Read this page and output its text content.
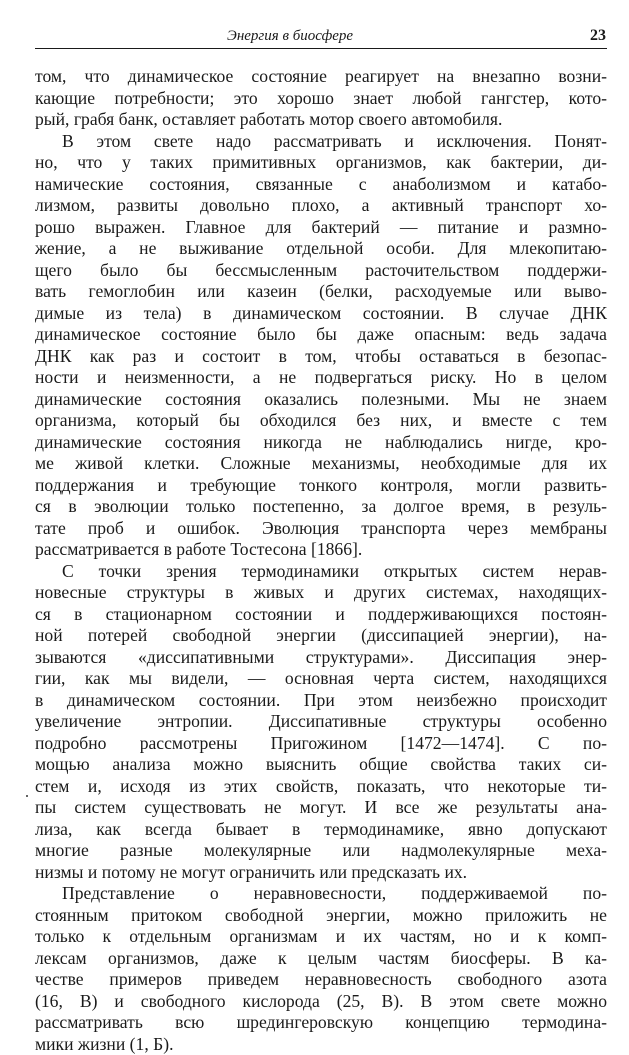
Энергия в биосфере	23

том, что динамическое состояние реагирует на внезапно возни-
кающие потребности; это хорошо знает любой гангстер, кото-
рый, грабя банк, оставляет работать мотор своего автомобиля.

В этом свете надо рассматривать и исключения. Понят-
но, что у таких примитивных организмов, как бактерии, ди-
намические состояния, связанные с анаболизмом и катабо-
лизмом, развиты довольно плохо, а активный транспорт хо-
рошо выражен. Главное для бактерий — питание и размно-
жение, а не выживание отдельной особи. Для млекопитаю-
щего было бы бессмысленным расточительством поддержи-
вать гемоглобин или казеин (белки, расходуемые или выво-
димые из тела) в динамическом состоянии. В случае ДНК
динамическое состояние было бы даже опасным: ведь задача
ДНК как раз и состоит в том, чтобы оставаться в безопас-
ности и неизменности, а не подвергаться риску. Но в целом
динамические состояния оказались полезными. Мы не знаем
организма, который бы обходился без них, и вместе с тем
динамические состояния никогда не наблюдались нигде, кро-
ме живой клетки. Сложные механизмы, необходимые для их
поддержания и требующие тонкого контроля, могли развить-
ся в эволюции только постепенно, за долгое время, в резуль-
тате проб и ошибок. Эволюция транспорта через мембраны
рассматривается в работе Тостесона [1866].

С точки зрения термодинамики открытых систем нерав-
новесные структуры в живых и других системах, находящих-
ся в стационарном состоянии и поддерживающихся постоян-
ной потерей свободной энергии (диссипацией энергии), на-
зываются «диссипативными структурами». Диссипация энер-
гии, как мы видели, — основная черта систем, находящихся
в динамическом состоянии. При этом неизбежно происходит
увеличение энтропии. Диссипативные структуры особенно
подробно рассмотрены Пригожином [1472—1474]. С по-
мощью анализа можно выяснить общие свойства таких си-
стем и, исходя из этих свойств, показать, что некоторые ти-
пы систем существовать не могут. И все же результаты ана-
лиза, как всегда бывает в термодинамике, явно допускают
многие разные молекулярные или надмолекулярные меха-
низмы и потому не могут ограничить или предсказать их.

Представление о неравновесности, поддерживаемой по-
стоянным притоком свободной энергии, можно приложить не
только к отдельным организмам и их частям, но и к комп-
лексам организмов, даже к целым частям биосферы. В ка-
честве примеров приведем неравновесность свободного азота
(16, В) и свободного кислорода (25, В). В этом свете можно
рассматривать всю шредингеровскую концепцию термодина-
мики жизни (1, Б).
